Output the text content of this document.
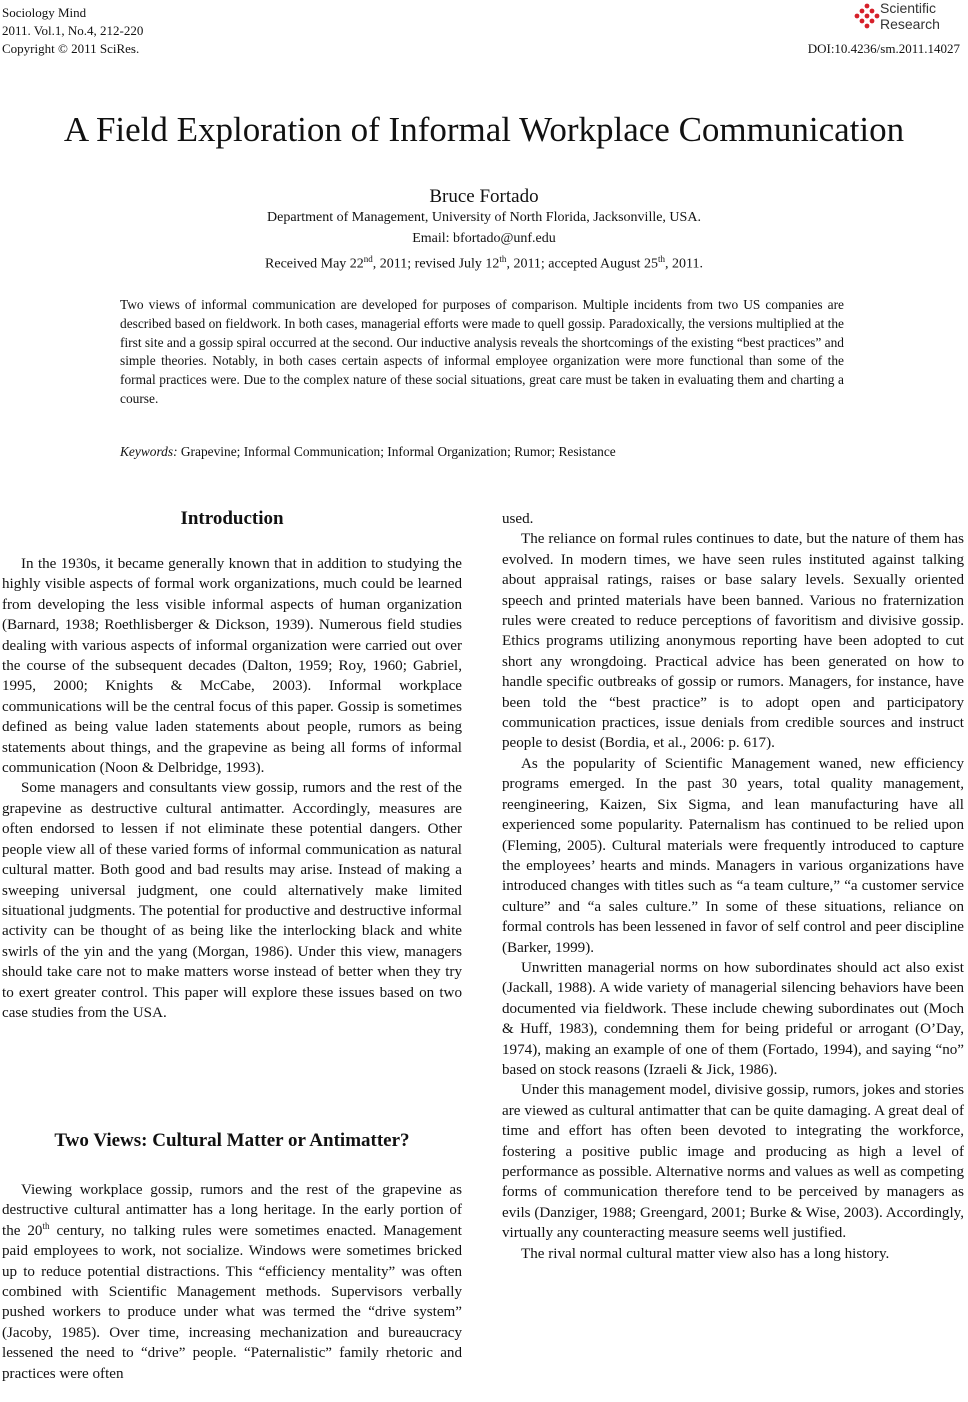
Sociology Mind
2011. Vol.1, No.4, 212-220
Copyright © 2011 SciRes.
Scientific
Research
DOI:10.4236/sm.2011.14027
A Field Exploration of Informal Workplace Communication
Bruce Fortado
Department of Management, University of North Florida, Jacksonville, USA.
Email: bfortado@unf.edu
Received May 22nd, 2011; revised July 12th, 2011; accepted August 25th, 2011.
Two views of informal communication are developed for purposes of comparison. Multiple incidents from two US companies are described based on fieldwork. In both cases, managerial efforts were made to quell gossip. Paradoxically, the versions multiplied at the first site and a gossip spiral occurred at the second. Our inductive analysis reveals the shortcomings of the existing “best practices” and simple theories. Notably, in both cases certain aspects of informal employee organization were more functional than some of the formal practices were. Due to the complex nature of these social situations, great care must be taken in evaluating them and charting a course.
Keywords: Grapevine; Informal Communication; Informal Organization; Rumor; Resistance
Introduction

In the 1930s, it became generally known that in addition to studying the highly visible aspects of formal work organizations, much could be learned from developing the less visible informal aspects of human organization (Barnard, 1938; Roethlisberger & Dickson, 1939). Numerous field studies dealing with various aspects of informal organization were carried out over the course of the subsequent decades (Dalton, 1959; Roy, 1960; Gabriel, 1995, 2000; Knights & McCabe, 2003). Informal workplace communications will be the central focus of this paper. Gossip is sometimes defined as being value laden statements about people, rumors as being statements about things, and the grapevine as being all forms of informal communication (Noon & Delbridge, 1993).

Some managers and consultants view gossip, rumors and the rest of the grapevine as destructive cultural antimatter. Accordingly, measures are often endorsed to lessen if not eliminate these potential dangers. Other people view all of these varied forms of informal communication as natural cultural matter. Both good and bad results may arise. Instead of making a sweeping universal judgment, one could alternatively make limited situational judgments. The potential for productive and destructive informal activity can be thought of as being like the interlocking black and white swirls of the yin and the yang (Morgan, 1986). Under this view, managers should take care not to make matters worse instead of better when they try to exert greater control. This paper will explore these issues based on two case studies from the USA.

Two Views: Cultural Matter or Antimatter?

Viewing workplace gossip, rumors and the rest of the grapevine as destructive cultural antimatter has a long heritage. In the early portion of the 20th century, no talking rules were sometimes enacted. Management paid employees to work, not socialize. Windows were sometimes bricked up to reduce potential distractions. This “efficiency mentality” was often combined with Scientific Management methods. Supervisors verbally pushed workers to produce under what was termed the “drive system” (Jacoby, 1985). Over time, increasing mechanization and bureaucracy lessened the need to “drive” people. “Paternalistic” family rhetoric and practices were often

used.

The reliance on formal rules continues to date, but the nature of them has evolved. In modern times, we have seen rules instituted against talking about appraisal ratings, raises or base salary levels. Sexually oriented speech and printed materials have been banned. Various no fraternization rules were created to reduce perceptions of favoritism and divisive gossip. Ethics programs utilizing anonymous reporting have been adopted to cut short any wrongdoing. Practical advice has been generated on how to handle specific outbreaks of gossip or rumors. Managers, for instance, have been told the “best practice” is to adopt open and participatory communication practices, issue denials from credible sources and instruct people to desist (Bordia, et al., 2006: p. 617).

As the popularity of Scientific Management waned, new efficiency programs emerged. In the past 30 years, total quality management, reengineering, Kaizen, Six Sigma, and lean manufacturing have all experienced some popularity. Paternalism has continued to be relied upon (Fleming, 2005). Cultural materials were frequently introduced to capture the employees’ hearts and minds. Managers in various organizations have introduced changes with titles such as “a team culture,” “a customer service culture” and “a sales culture.” In some of these situations, reliance on formal controls has been lessened in favor of self control and peer discipline (Barker, 1999).

Unwritten managerial norms on how subordinates should act also exist (Jackall, 1988). A wide variety of managerial silencing behaviors have been documented via fieldwork. These include chewing subordinates out (Moch & Huff, 1983), condemning them for being prideful or arrogant (O’Day, 1974), making an example of one of them (Fortado, 1994), and saying “no” based on stock reasons (Izraeli & Jick, 1986).

Under this management model, divisive gossip, rumors, jokes and stories are viewed as cultural antimatter that can be quite damaging. A great deal of time and effort has often been devoted to integrating the workforce, fostering a positive public image and producing as high a level of performance as possible. Alternative norms and values as well as competing forms of communication therefore tend to be perceived by managers as evils (Danziger, 1988; Greengard, 2001; Burke & Wise, 2003). Accordingly, virtually any counteracting measure seems well justified.

The rival normal cultural matter view also has a long history.
